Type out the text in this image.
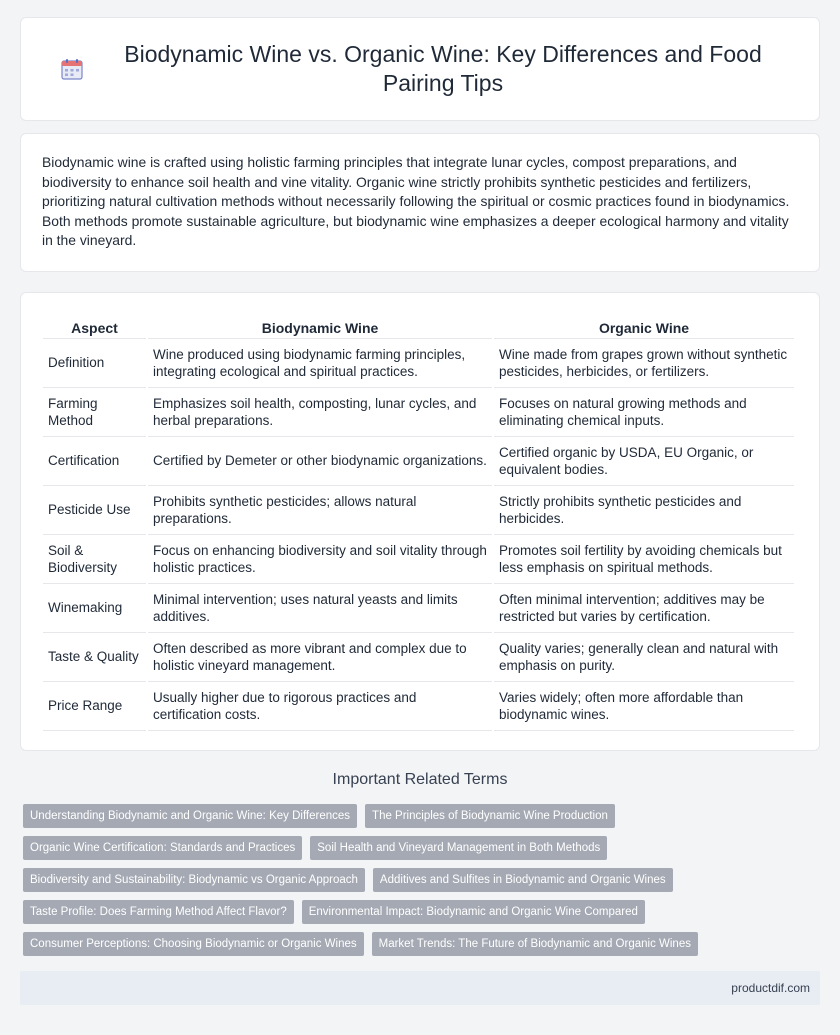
Biodynamic Wine vs. Organic Wine: Key Differences and Food Pairing Tips

Biodynamic wine is crafted using holistic farming principles that integrate lunar cycles, compost preparations, and biodiversity to enhance soil health and vine vitality. Organic wine strictly prohibits synthetic pesticides and fertilizers, prioritizing natural cultivation methods without necessarily following the spiritual or cosmic practices found in biodynamics. Both methods promote sustainable agriculture, but biodynamic wine emphasizes a deeper ecological harmony and vitality in the vineyard.

Aspect	Biodynamic Wine	Organic Wine
Definition	Wine produced using biodynamic farming principles, integrating ecological and spiritual practices.	Wine made from grapes grown without synthetic pesticides, herbicides, or fertilizers.
Farming Method	Emphasizes soil health, composting, lunar cycles, and herbal preparations.	Focuses on natural growing methods and eliminating chemical inputs.
Certification	Certified by Demeter or other biodynamic organizations.	Certified organic by USDA, EU Organic, or equivalent bodies.
Pesticide Use	Prohibits synthetic pesticides; allows natural preparations.	Strictly prohibits synthetic pesticides and herbicides.
Soil & Biodiversity	Focus on enhancing biodiversity and soil vitality through holistic practices.	Promotes soil fertility by avoiding chemicals but less emphasis on spiritual methods.
Winemaking	Minimal intervention; uses natural yeasts and limits additives.	Often minimal intervention; additives may be restricted but varies by certification.
Taste & Quality	Often described as more vibrant and complex due to holistic vineyard management.	Quality varies; generally clean and natural with emphasis on purity.
Price Range	Usually higher due to rigorous practices and certification costs.	Varies widely; often more affordable than biodynamic wines.
Important Related Terms
Understanding Biodynamic and Organic Wine: Key Differences	The Principles of Biodynamic Wine Production
Organic Wine Certification: Standards and Practices	Soil Health and Vineyard Management in Both Methods
Biodiversity and Sustainability: Biodynamic vs Organic Approach	Additives and Sulfites in Biodynamic and Organic Wines
Taste Profile: Does Farming Method Affect Flavor?	Environmental Impact: Biodynamic and Organic Wine Compared
Consumer Perceptions: Choosing Biodynamic or Organic Wines	Market Trends: The Future of Biodynamic and Organic Wines
productdif.com
